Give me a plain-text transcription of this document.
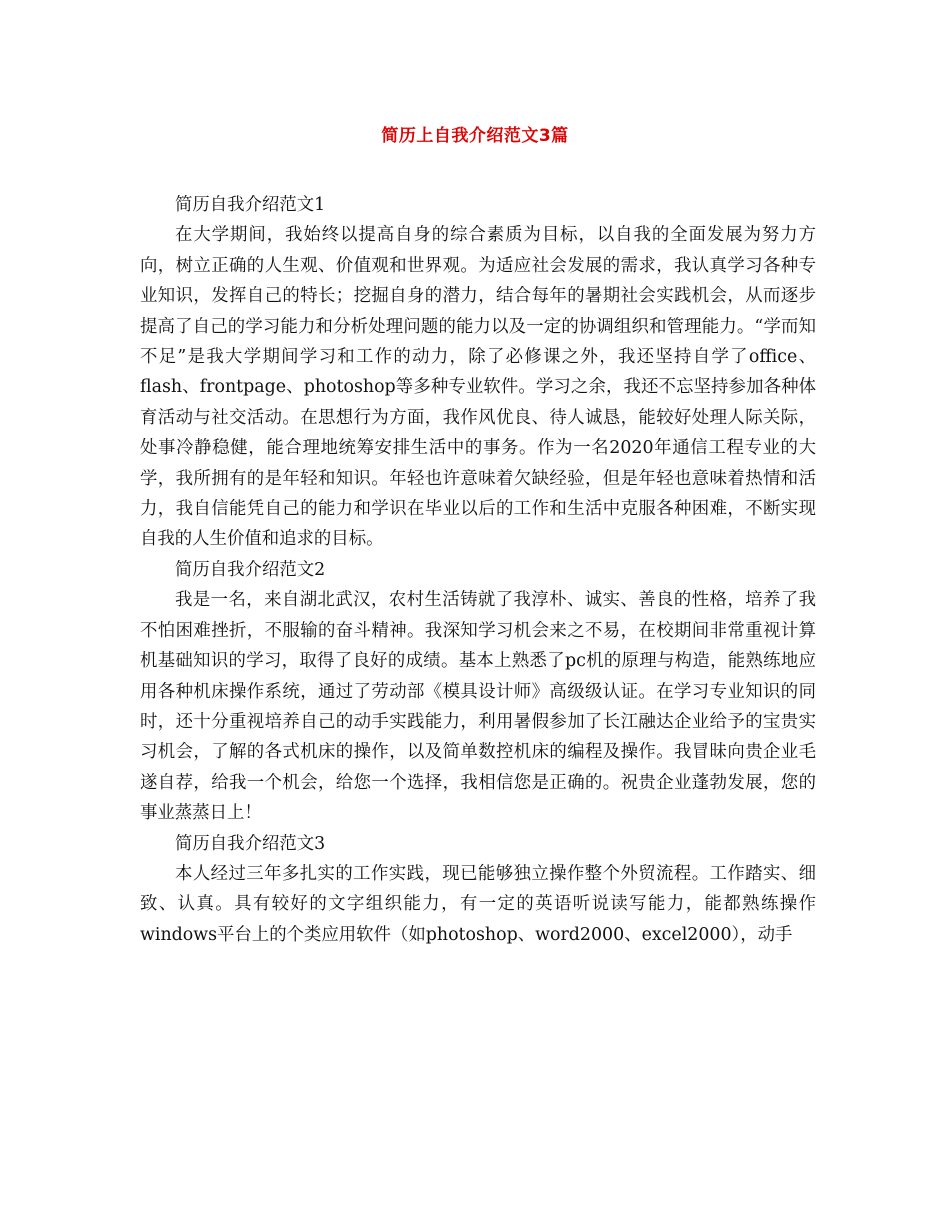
简历上自我介绍范文3篇

简历自我介绍范文1

在大学期间，我始终以提高自身的综合素质为目标，以自我的全面发展为努力方向，树立正确的人生观、价值观和世界观。为适应社会发展的需求，我认真学习各种专业知识，发挥自己的特长；挖掘自身的潜力，结合每年的暑期社会实践机会，从而逐步提高了自己的学习能力和分析处理问题的能力以及一定的协调组织和管理能力。“学而知不足”是我大学期间学习和工作的动力，除了必修课之外，我还坚持自学了office、flash、frontpage、photoshop等多种专业软件。学习之余，我还不忘坚持参加各种体育活动与社交活动。在思想行为方面，我作风优良、待人诚恳，能较好处理人际关际，处事冷静稳健，能合理地统筹安排生活中的事务。作为一名2020年通信工程专业的大学，我所拥有的是年轻和知识。年轻也许意味着欠缺经验，但是年轻也意味着热情和活力，我自信能凭自己的能力和学识在毕业以后的工作和生活中克服各种困难，不断实现自我的人生价值和追求的目标。

简历自我介绍范文2

我是一名，来自湖北武汉，农村生活铸就了我淳朴、诚实、善良的性格，培养了我不怕困难挫折，不服输的奋斗精神。我深知学习机会来之不易，在校期间非常重视计算机基础知识的学习，取得了良好的成绩。基本上熟悉了pc机的原理与构造，能熟练地应用各种机床操作系统，通过了劳动部《模具设计师》高级级认证。在学习专业知识的同时，还十分重视培养自己的动手实践能力，利用暑假参加了长江融达企业给予的宝贵实习机会，了解的各式机床的操作，以及简单数控机床的编程及操作。我冒昧向贵企业毛遂自荐，给我一个机会，给您一个选择，我相信您是正确的。祝贵企业蓬勃发展，您的事业蒸蒸日上！

简历自我介绍范文3

本人经过三年多扎实的工作实践，现已能够独立操作整个外贸流程。工作踏实、细致、认真。具有较好的文字组织能力，有一定的英语听说读写能力，能都熟练操作windows平台上的个类应用软件（如photoshop、word2000、excel2000），动手
